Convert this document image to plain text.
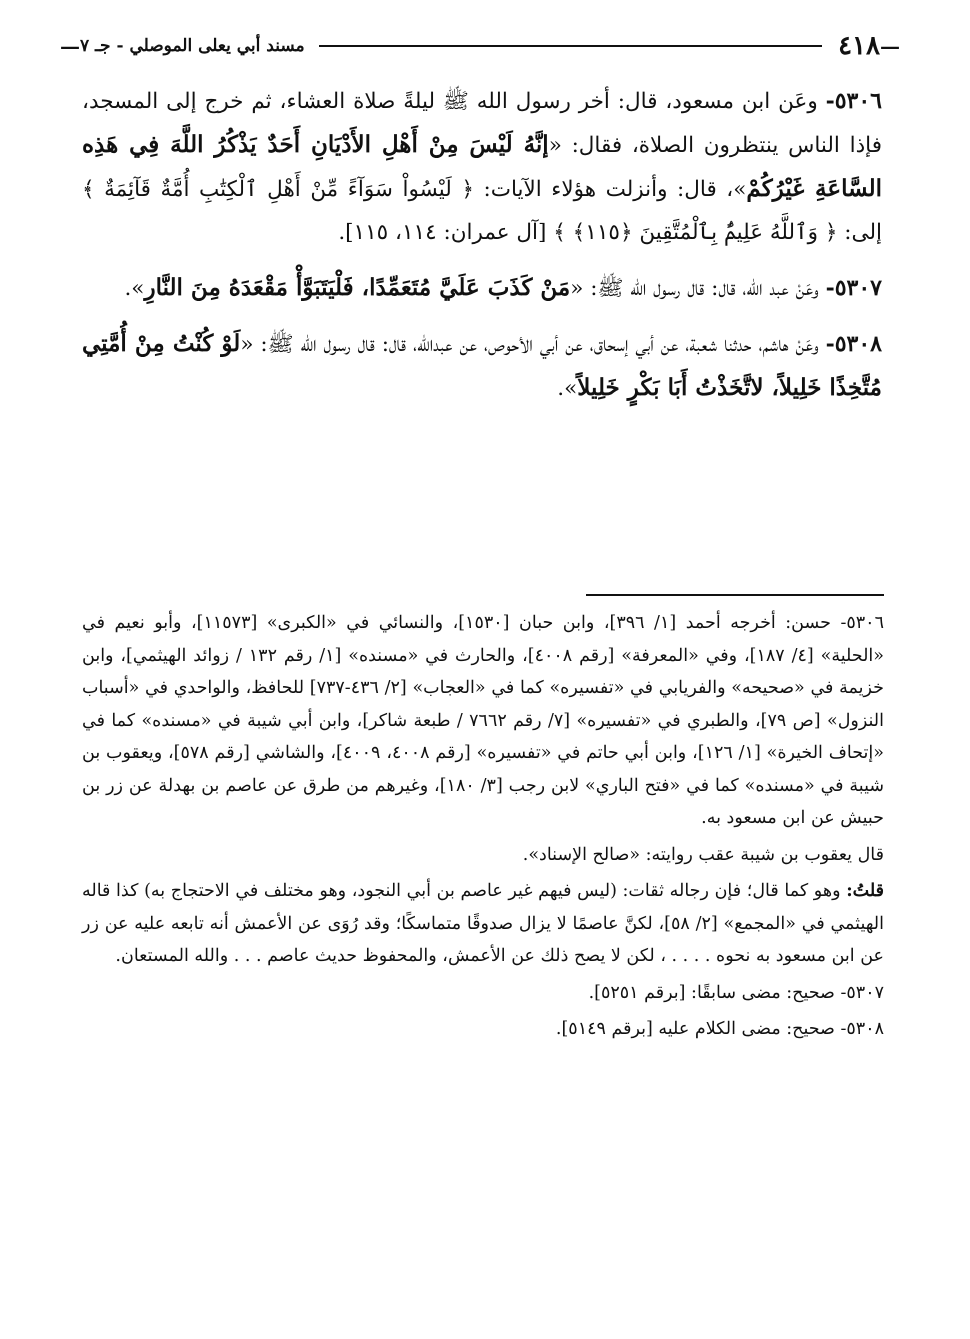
—
٤١٨
مسند أبي يعلى الموصلي - جـ ٧
—

٥٣٠٦- وعَن ابن مسعود، قال: أخر رسول الله ﷺ ليلةً صلاة العشاء، ثم خرج إلى المسجد، فإذا الناس ينتظرون الصلاة، فقال: «إنَّهُ لَيْسَ مِنْ أَهْلِ الأَدْيَانِ أَحَدٌ يَذْكُرُ اللَّهَ فِي هَذِه السَّاعَةِ غَيْرُكُمْ»، قال: وأنزلت هؤلاء الآيات: ﴿ لَيْسُواْ سَوَآءً مِّنْ أَهْلِ ٱلْكِتَٰبِ أُمَّةٌ قَآئِمَةٌ ﴾ إلى: ﴿ وَٱللَّهُ عَلِيمٌۢ بِٱلْمُتَّقِينَ ﴿١١٥﴾ ﴾ [آل عمران: ١١٤، ١١٥].

٥٣٠٧- وعَنْ عبد الله، قال: قال رسول الله ﷺ: «مَنْ كَذَبَ عَلَيَّ مُتَعَمِّدًا، فَلْيَتَبَوَّأْ مَقْعَدَهُ مِنَ النَّارِ».

٥٣٠٨- وعَنْ هاشم، حدثنا شعبة، عن أبي إسحاق، عن أبي الأحوص، عن عبدالله، قال: قال رسول الله ﷺ: «لَوْ كُنْتُ مِنْ أُمَّتِي مُتَّخِذًا خَلِيلاً، لاتَّخَذْتُ أَبَا بَكْرٍ خَلِيلاً».

٥٣٠٦- حسن: أخرجه أحمد [١/ ٣٩٦]، وابن حبان [١٥٣٠]، والنسائي في «الكبرى» [١١٥٧٣]، وأبو نعيم في «الحلية» [٤/ ١٨٧]، وفي «المعرفة» [رقم ٤٠٠٨]، والحارث في «مسنده» [١/ رقم ١٣٢ / زوائد الهيثمي]، وابن خزيمة في «صحيحه» والفريابي في «تفسيره» كما في «العجاب» [٢/ ٤٣٦-٧٣٧] للحافظ، والواحدي في «أسباب النزول» [ص ٧٩]، والطبري في «تفسيره» [٧/ رقم ٧٦٦٢ / طبعة شاكر]، وابن أبي شيبة في «مسنده» كما في «إتحاف الخيرة» [١/ ١٢٦]، وابن أبي حاتم في «تفسيره» [رقم ٤٠٠٨، ٤٠٠٩]، والشاشي [رقم ٥٧٨]، ويعقوب بن شيبة في «مسنده» كما في «فتح الباري» لابن رجب [٣/ ١٨٠]، وغيرهم من طرق عن عاصم بن بهدلة عن زر بن حبيش عن ابن مسعود به.

قال يعقوب بن شيبة عقب روايته: «صالح الإسناد».

قلتُ: وهو كما قال؛ فإن رجاله ثقات: (ليس فيهم غير عاصم بن أبي النجود، وهو مختلف في الاحتجاج به) كذا قاله الهيثمي في «المجمع» [٢/ ٥٨]، لكنَّ عاصمًا لا يزال صدوقًا متماسكًا؛ وقد رُوَى عن الأعمش أنه تابعه عليه عن زر عن ابن مسعود به نحوه . . . . ، لكن لا يصح ذلك عن الأعمش، والمحفوظ حديث عاصم . . . والله المستعان.

٥٣٠٧- صحيح: مضى سابقًا: [برقم ٥٢٥١].

٥٣٠٨- صحيح: مضى الكلام عليه [برقم ٥١٤٩].
